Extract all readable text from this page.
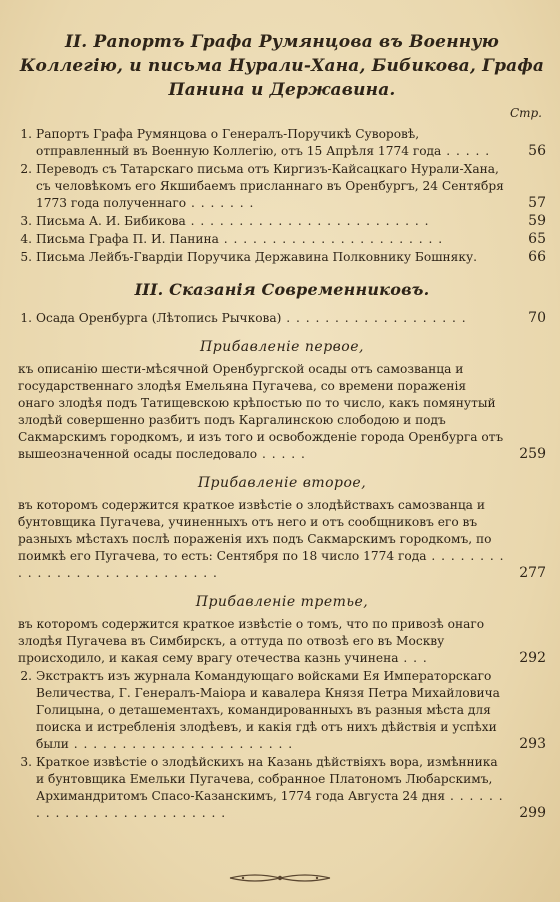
II. Рапортъ Графа Румянцова въ Военную Коллегію, и письма Нурали-Хана, Бибикова, Графа Панина и Державина.
Стр.
1. Рапортъ Графа Румянцова о Генералъ-Поручикѣ Суворовѣ, отправленный въ Военную Коллегію, отъ 15 Апрѣля 1774 года . . . . .	56
2. Переводъ съ Татарскаго письма отъ Киргизъ-Кайсацкаго Нурали-Хана, съ человѣкомъ его Якшибаемъ присланнаго въ Оренбургъ, 24 Сентября 1773 года полученнаго . . . . . . .	57
3. Письма А. И. Бибикова . . . . . . . . . . . . . . . . . . . . . . . . .	59
4. Письма Графа П. И. Панина . . . . . . . . . . . . . . . . . . . . . . .	65
5. Письма Лейбъ-Гвардіи Поручика Державина Полковнику Бошняку.	66
III. Сказанія Современниковъ.
1. Осада Оренбурга (Лѣтопись Рычкова) . . . . . . . . . . . . . . . . . . .	70
Прибавленіе первое,
къ описанію шести-мѣсячной Оренбургской осады отъ самозванца и государственнаго злодѣя Емельяна Пугачева, со времени пораженія онаго злодѣя подъ Татищевскою крѣпостью по то число, какъ помянутый злодѣй совершенно разбитъ подъ Каргалинскою слободою и подъ Сакмарскимъ городкомъ, и изъ того и освобожденіе города Оренбурга отъ вышеозначенной осады последовало . . . . .	259
Прибавленіе второе,
въ которомъ содержится краткое извѣстіе о злодѣйствахъ самозванца и бунтовщика Пугачева, учиненныхъ отъ него и отъ сообщниковъ его въ разныхъ мѣстахъ послѣ пораженія ихъ подъ Сакмарскимъ городкомъ, по поимкѣ его Пугачева, то есть: Сентября по 18 число 1774 года . . . . . . . . . . . . . . . . . . . . . . . . . . . . .	277
Прибавленіе третье,
въ которомъ содержится краткое извѣстіе о томъ, что по привозѣ онаго злодѣя Пугачева въ Симбирскъ, а оттуда по отвозѣ его въ Москву происходило, и какая сему врагу отечества казнь учинена . . .	292
2. Экстрактъ изъ журнала Командующаго войсками Ея Императорскаго Величества, Г. Генералъ-Маіора и кавалера Князя Петра Михайловича Голицына, о деташементахъ, командированныхъ въ разныя мѣста для поиска и истребленія злодѣевъ, и какія гдѣ отъ нихъ дѣйствія и успѣхи были . . . . . . . . . . . . . . . . . . . . . . .	293
3. Краткое извѣстіе о злодѣйскихъ на Казань дѣйствіяхъ вора, измѣнника и бунтовщика Емельки Пугачева, собранное Платономъ Любарскимъ, Архимандритомъ Спасо-Казанскимъ, 1774 года Августа 24 дня . . . . . . . . . . . . . . . . . . . . . . . . . .	299
